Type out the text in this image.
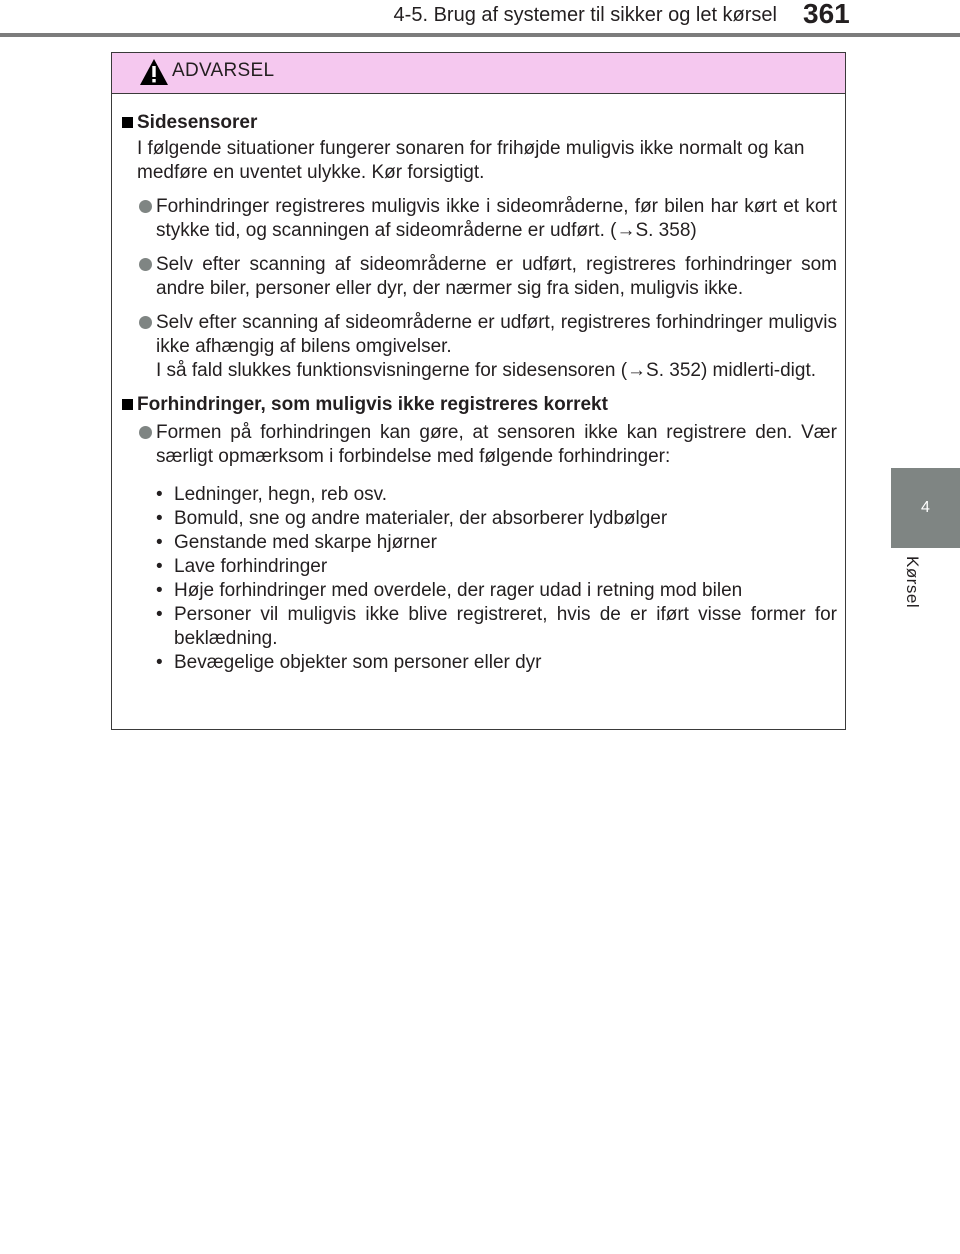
4-5. Brug af systemer til sikker og let kørsel 361
4
Kørsel
ADVARSEL
Sidesensorer

I følgende situationer fungerer sonaren for frihøjde muligvis ikke normalt og kan medføre en uventet ulykke. Kør forsigtigt.

Forhindringer registreres muligvis ikke i sideområderne, før bilen har kørt et kort stykke tid, og scanningen af sideområderne er udført. (→S. 358)
Selv efter scanning af sideområderne er udført, registreres forhindringer som andre biler, personer eller dyr, der nærmer sig fra siden, muligvis ikke.
Selv efter scanning af sideområderne er udført, registreres forhindringer muligvis ikke afhængig af bilens omgivelser.
I så fald slukkes funktionsvisningerne for sidesensoren (→S. 352) midlerti-digt.
Forhindringer, som muligvis ikke registreres korrekt
Formen på forhindringen kan gøre, at sensoren ikke kan registrere den. Vær særligt opmærksom i forbindelse med følgende forhindringer:
• Ledninger, hegn, reb osv.
• Bomuld, sne og andre materialer, der absorberer lydbølger
• Genstande med skarpe hjørner
• Lave forhindringer
• Høje forhindringer med overdele, der rager udad i retning mod bilen
• Personer vil muligvis ikke blive registreret, hvis de er iført visse former for beklædning.
• Bevægelige objekter som personer eller dyr
